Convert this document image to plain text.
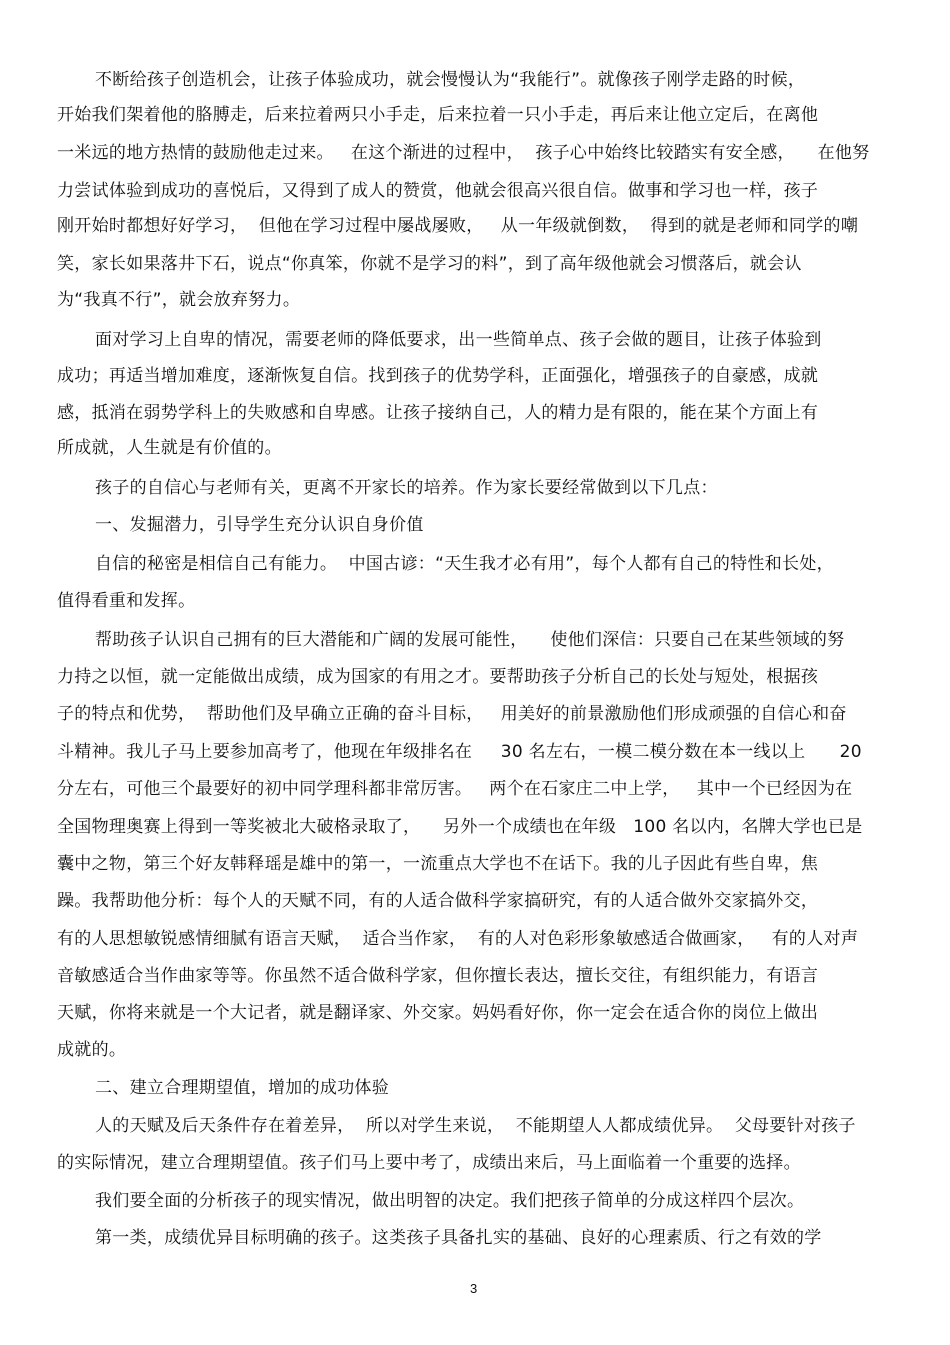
不断给孩子创造机会，让孩子体验成功，就会慢慢认为“我能行”。就像孩子刚学走路的时候，
开始我们架着他的胳膊走，后来拉着两只小手走，后来拉着一只小手走，再后来让他立定后，在离他
一米远的地方热情的鼓励他走过来。   在这个渐进的过程中，  孩子心中始终比较踏实有安全感，    在他努
力尝试体验到成功的喜悦后，又得到了成人的赞赏，他就会很高兴很自信。做事和学习也一样，孩子
刚开始时都想好好学习，  但他在学习过程中屡战屡败，   从一年级就倒数，  得到的就是老师和同学的嘲
笑，家长如果落井下石，说点“你真笨，你就不是学习的料”，到了高年级他就会习惯落后，就会认
为“我真不行”，就会放弃努力。
面对学习上自卑的情况，需要老师的降低要求，出一些简单点、孩子会做的题目，让孩子体验到
成功；再适当增加难度，逐渐恢复自信。找到孩子的优势学科，正面强化，增强孩子的自豪感，成就
感，抵消在弱势学科上的失败感和自卑感。让孩子接纳自己，人的精力是有限的，能在某个方面上有
所成就，人生就是有价值的。
孩子的自信心与老师有关，更离不开家长的培养。作为家长要经常做到以下几点：
一、发掘潜力，引导学生充分认识自身价值
自信的秘密是相信自己有能力。  中国古谚：“天生我才必有用”，每个人都有自己的特性和长处，
值得看重和发挥。
帮助孩子认识自己拥有的巨大潜能和广阔的发展可能性，    使他们深信：只要自己在某些领域的努
力持之以恒，就一定能做出成绩，成为国家的有用之才。要帮助孩子分析自己的长处与短处，根据孩
子的特点和优势，  帮助他们及早确立正确的奋斗目标，   用美好的前景激励他们形成顽强的自信心和奋
斗精神。我儿子马上要参加高考了，他现在年级排名在     30 名左右，一模二模分数在本一线以上      20
分左右，可他三个最要好的初中同学理科都非常厉害。   两个在石家庄二中上学，   其中一个已经因为在
全国物理奥赛上得到一等奖被北大破格录取了，    另外一个成绩也在年级   100 名以内，名牌大学也已是
囊中之物，第三个好友韩释瑶是雄中的第一，一流重点大学也不在话下。我的儿子因此有些自卑，焦
躁。我帮助他分析：每个人的天赋不同，有的人适合做科学家搞研究，有的人适合做外交家搞外交，
有的人思想敏锐感情细腻有语言天赋，  适合当作家，  有的人对色彩形象敏感适合做画家，   有的人对声
音敏感适合当作曲家等等。你虽然不适合做科学家，但你擅长表达，擅长交往，有组织能力，有语言
天赋，你将来就是一个大记者，就是翻译家、外交家。妈妈看好你，你一定会在适合你的岗位上做出
成就的。
二、建立合理期望值，增加的成功体验
人的天赋及后天条件存在着差异，  所以对学生来说，  不能期望人人都成绩优异。  父母要针对孩子
的实际情况，建立合理期望值。孩子们马上要中考了，成绩出来后，马上面临着一个重要的选择。
我们要全面的分析孩子的现实情况，做出明智的决定。我们把孩子简单的分成这样四个层次。
第一类，成绩优异目标明确的孩子。这类孩子具备扎实的基础、良好的心理素质、行之有效的学
3
